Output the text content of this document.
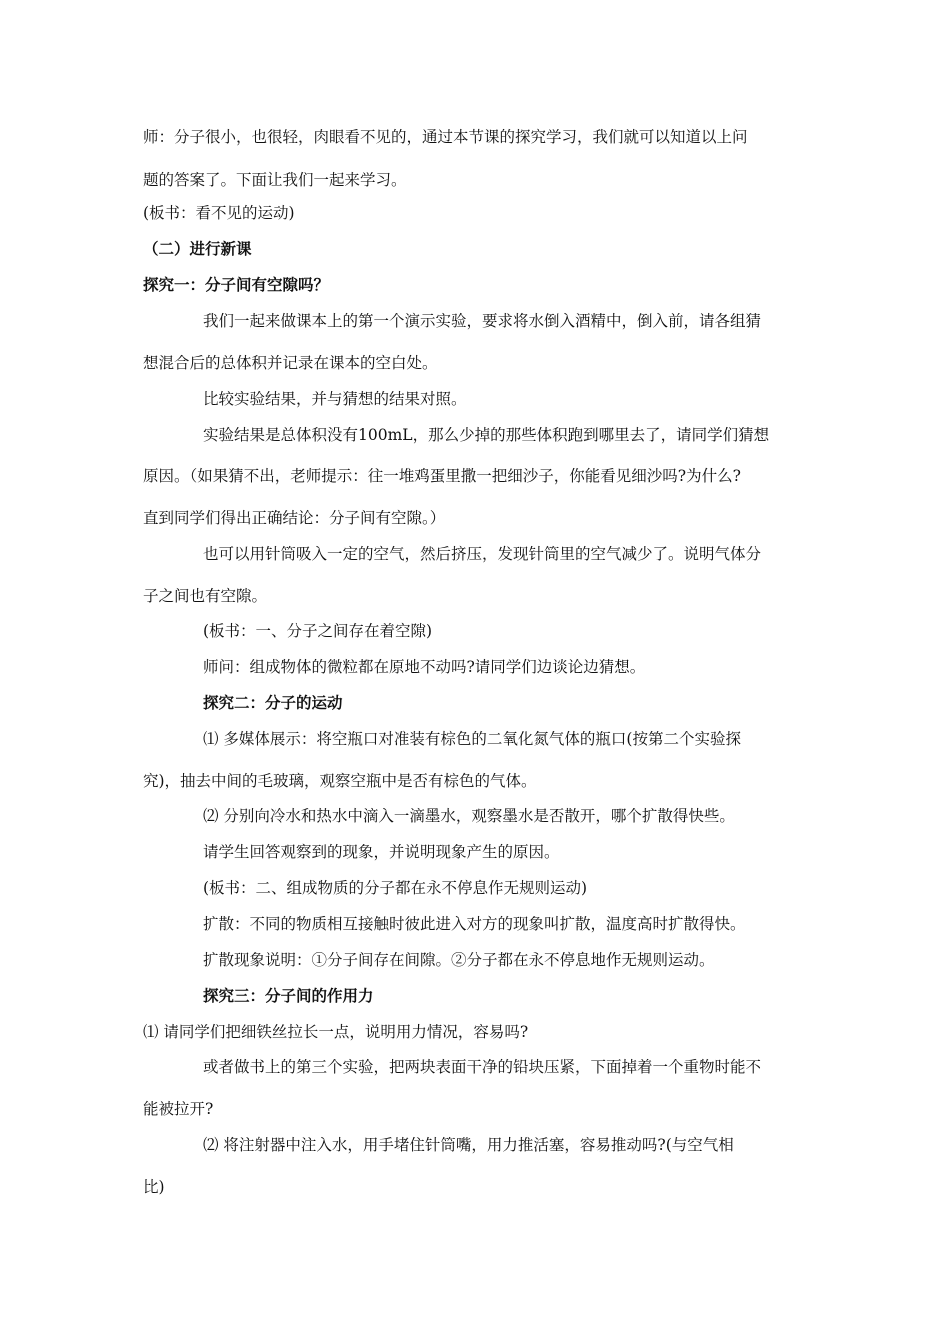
师：分子很小，也很轻，肉眼看不见的，通过本节课的探究学习，我们就可以知道以上问
题的答案了。下面让我们一起来学习。
(板书：看不见的运动)
（二）进行新课
探究一：分子间有空隙吗？
我们一起来做课本上的第一个演示实验，要求将水倒入酒精中，倒入前，请各组猜
想混合后的总体积并记录在课本的空白处。
比较实验结果，并与猜想的结果对照。
实验结果是总体积没有100mL，那么少掉的那些体积跑到哪里去了，请同学们猜想
原因。（如果猜不出，老师提示：往一堆鸡蛋里撒一把细沙子，你能看见细沙吗?为什么?
直到同学们得出正确结论：分子间有空隙。）
也可以用针筒吸入一定的空气，然后挤压，发现针筒里的空气减少了。说明气体分
子之间也有空隙。
(板书：一、分子之间存在着空隙)
师问：组成物体的微粒都在原地不动吗?请同学们边谈论边猜想。
探究二：分子的运动
⑴ 多媒体展示：将空瓶口对准装有棕色的二氧化氮气体的瓶口(按第二个实验探
究)，抽去中间的毛玻璃，观察空瓶中是否有棕色的气体。
⑵ 分别向冷水和热水中滴入一滴墨水，观察墨水是否散开，哪个扩散得快些。
请学生回答观察到的现象，并说明现象产生的原因。
(板书：二、组成物质的分子都在永不停息作无规则运动)
扩散：不同的物质相互接触时彼此进入对方的现象叫扩散，温度高时扩散得快。
扩散现象说明：①分子间存在间隙。②分子都在永不停息地作无规则运动。
探究三：分子间的作用力
⑴ 请同学们把细铁丝拉长一点，说明用力情况，容易吗?
或者做书上的第三个实验，把两块表面干净的铅块压紧，下面掉着一个重物时能不
能被拉开?
⑵ 将注射器中注入水，用手堵住针筒嘴，用力推活塞，容易推动吗?(与空气相
比)
